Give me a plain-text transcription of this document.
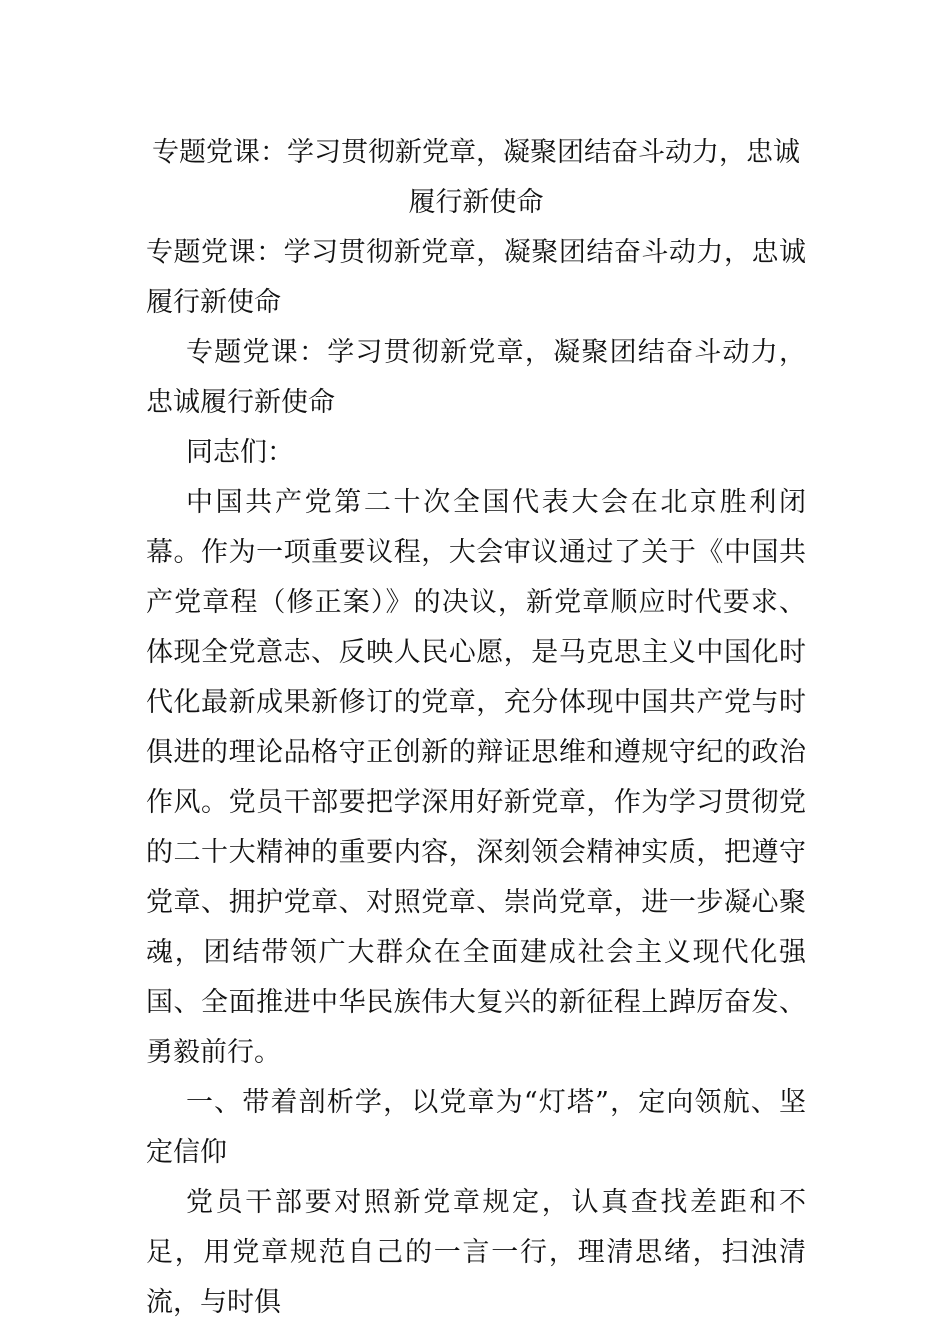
专题党课：学习贯彻新党章，凝聚团结奋斗动力，忠诚履行新使命

专题党课：学习贯彻新党章，凝聚团结奋斗动力，忠诚履行新使命

专题党课：学习贯彻新党章，凝聚团结奋斗动力，忠诚履行新使命

同志们：

中国共产党第二十次全国代表大会在北京胜利闭幕。作为一项重要议程，大会审议通过了关于《中国共产党章程（修正案）》的决议，新党章顺应时代要求、体现全党意志、反映人民心愿，是马克思主义中国化时代化最新成果新修订的党章，充分体现中国共产党与时俱进的理论品格守正创新的辩证思维和遵规守纪的政治作风。党员干部要把学深用好新党章，作为学习贯彻党的二十大精神的重要内容，深刻领会精神实质，把遵守党章、拥护党章、对照党章、崇尚党章，进一步凝心聚魂，团结带领广大群众在全面建成社会主义现代化强国、全面推进中华民族伟大复兴的新征程上踔厉奋发、勇毅前行。

一、带着剖析学，以党章为“灯塔”，定向领航、坚定信仰

党员干部要对照新党章规定，认真查找差距和不足，用党章规范自己的一言一行，理清思绪，扫浊清流，与时俱
